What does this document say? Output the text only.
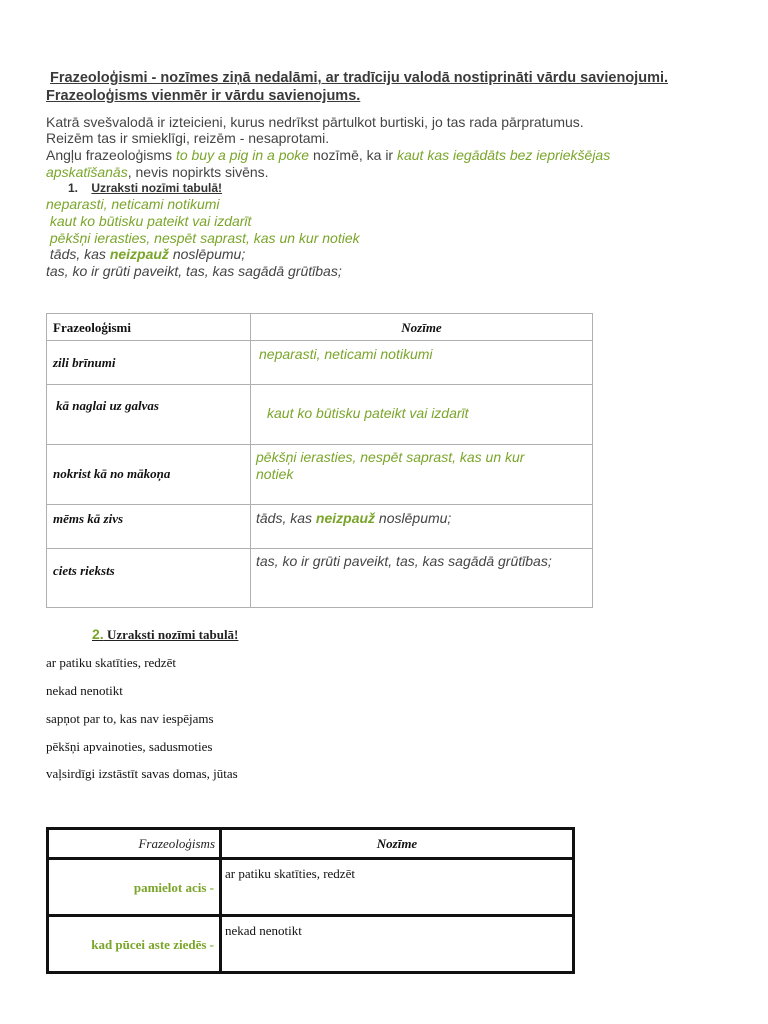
Frazeoloģismi - nozīmes ziņā nedalāmi, ar tradīciju valodā nostiprināti vārdu savienojumi.
Frazeoloģisms vienmēr ir vārdu savienojums.
Katrā svešvalodā ir izteicieni, kurus nedrīkst pārtulkot burtiski, jo tas rada pārpratumus.
Reizēm tas ir smieklīgi, reizēm - nesaprotami.
Angļu frazeoloģisms to buy a pig in a poke nozīmē, ka ir kaut kas iegādāts bez iepriekšējas
apskatīšanās, nevis nopirkts sivēns.
1. Uzraksti nozīmi tabulā!
neparasti, neticami notikumi
kaut ko būtisku pateikt vai izdarīt
pēkšņi ierasties, nespēt saprast, kas un kur notiek
tāds, kas neizpauž noslēpumu;
tas, ko ir grūti paveikt, tas, kas sagādā grūtības;
Frazeoloģismi	Nozīme

zili brīnumi	neparasti, neticami notikumi

kā naglai uz galvas	kaut ko būtisku pateikt vai izdarīt

nokrist kā no mākoņa	pēkšņi ierasties, nespēt saprast, kas un kur
notiek

mēms kā zivs	tāds, kas neizpauž noslēpumu;

ciets rieksts	tas, ko ir grūti paveikt, tas, kas sagādā grūtības;
2. Uzraksti nozīmi tabulā!
ar patiku skatīties, redzēt
nekad nenotikt
sapņot par to, kas nav iespējams
pēkšņi apvainoties, sadusmoties
vaļsirdīgi izstāstīt savas domas, jūtas
Frazeoloģisms	Nozīme

pamielot acis -	ar patiku skatīties, redzēt

kad pūcei aste ziedēs -	nekad nenotikt
